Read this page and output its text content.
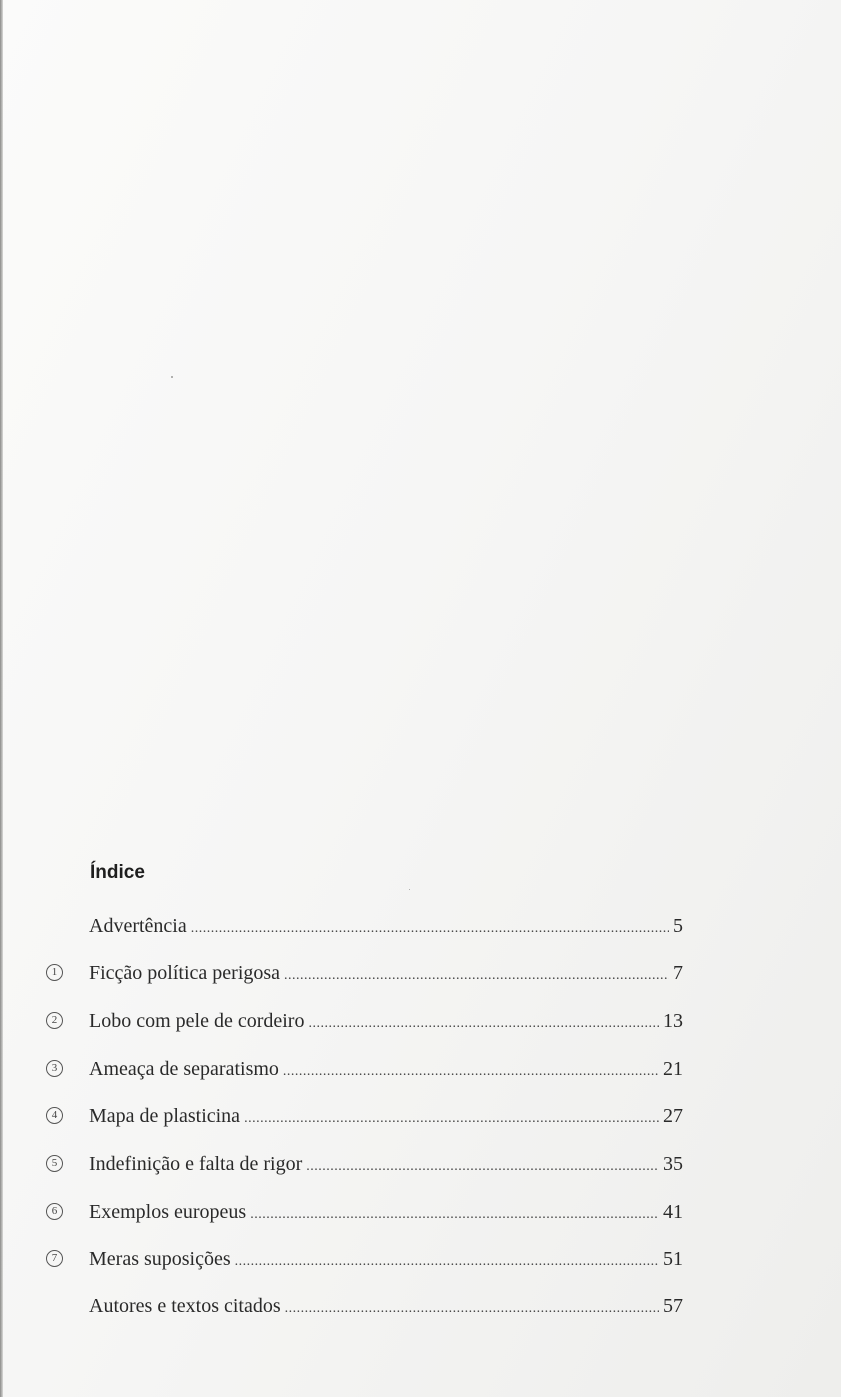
Índice
Advertência .....	5
1 Ficção política perigosa .....	7
2 Lobo com pele de cordeiro .....	13
3 Ameaça de separatismo .....	21
4 Mapa de plasticina .....	27
5 Indefinição e falta de rigor .....	35
6 Exemplos europeus .....	41
7 Meras suposições .....	51
Autores e textos citados .....	57
